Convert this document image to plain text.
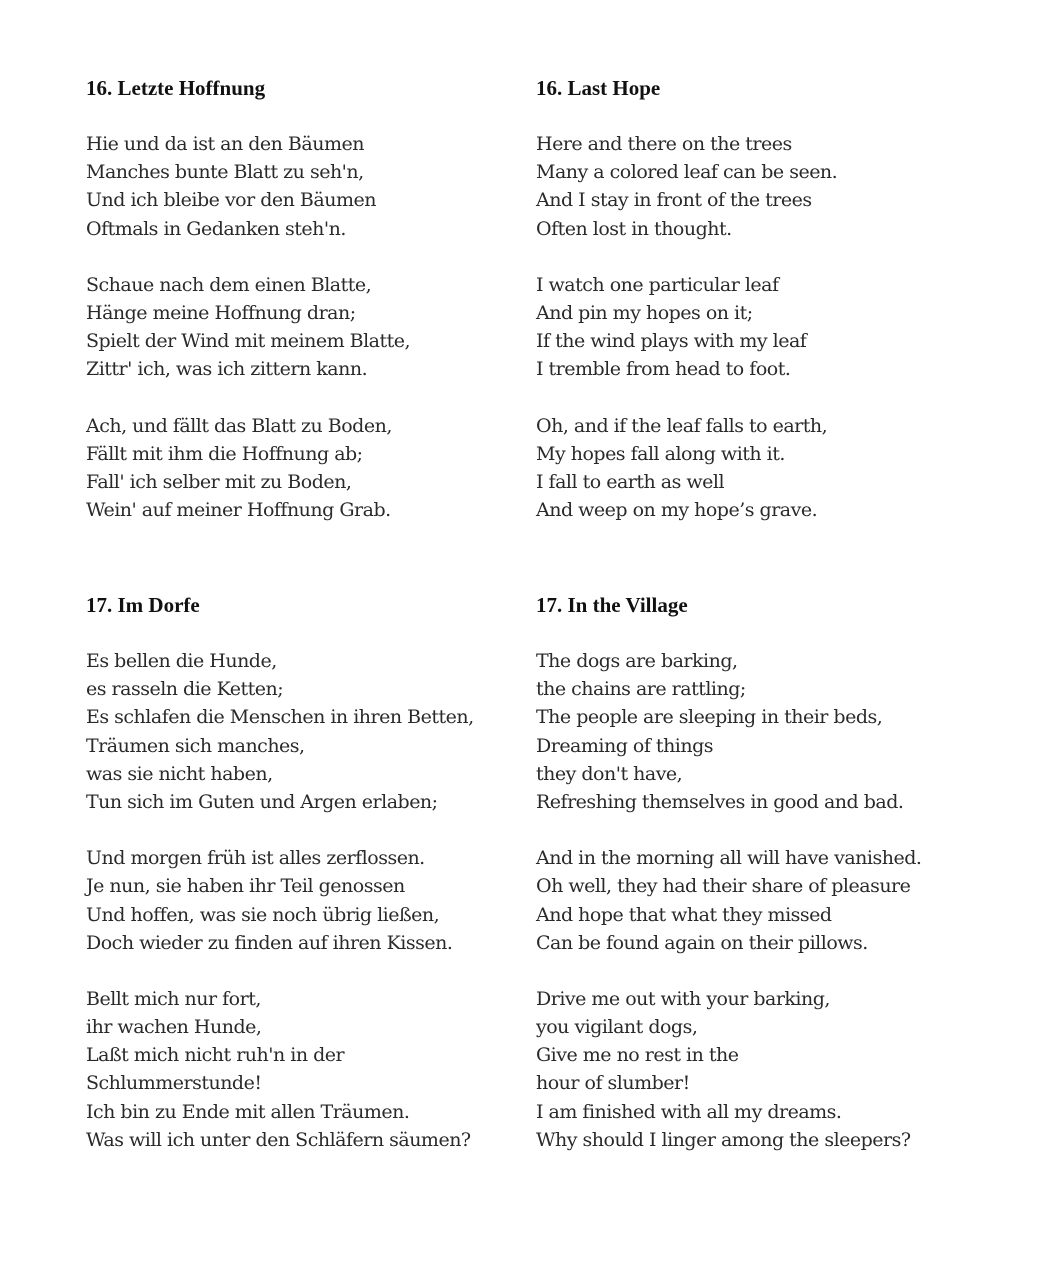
16. Letzte Hoffnung
Hie und da ist an den Bäumen
Manches bunte Blatt zu seh'n,
Und ich bleibe vor den Bäumen
Oftmals in Gedanken steh'n.
Schaue nach dem einen Blatte,
Hänge meine Hoffnung dran;
Spielt der Wind mit meinem Blatte,
Zittr' ich, was ich zittern kann.
Ach, und fällt das Blatt zu Boden,
Fällt mit ihm die Hoffnung ab;
Fall' ich selber mit zu Boden,
Wein' auf meiner Hoffnung Grab.
16. Last Hope
Here and there on the trees
Many a colored leaf can be seen.
And I stay in front of the trees
Often lost in thought.
I watch one particular leaf
And pin my hopes on it;
If the wind plays with my leaf
I tremble from head to foot.
Oh, and if the leaf falls to earth,
My hopes fall along with it.
I fall to earth as well
And weep on my hope’s grave.
17. Im Dorfe
Es bellen die Hunde,
es rasseln die Ketten;
Es schlafen die Menschen in ihren Betten,
Träumen sich manches,
was sie nicht haben,
Tun sich im Guten und Argen erlaben;
Und morgen früh ist alles zerflossen.
Je nun, sie haben ihr Teil genossen
Und hoffen, was sie noch übrig ließen,
Doch wieder zu finden auf ihren Kissen.
Bellt mich nur fort,
ihr wachen Hunde,
Laßt mich nicht ruh'n in der
Schlummerstunde!
Ich bin zu Ende mit allen Träumen.
Was will ich unter den Schläfern säumen?
17. In the Village
The dogs are barking,
the chains are rattling;
The people are sleeping in their beds,
Dreaming of things
they don't have,
Refreshing themselves in good and bad.
And in the morning all will have vanished.
Oh well, they had their share of pleasure
And hope that what they missed
Can be found again on their pillows.
Drive me out with your barking,
you vigilant dogs,
Give me no rest in the
hour of slumber!
I am finished with all my dreams.
Why should I linger among the sleepers?
